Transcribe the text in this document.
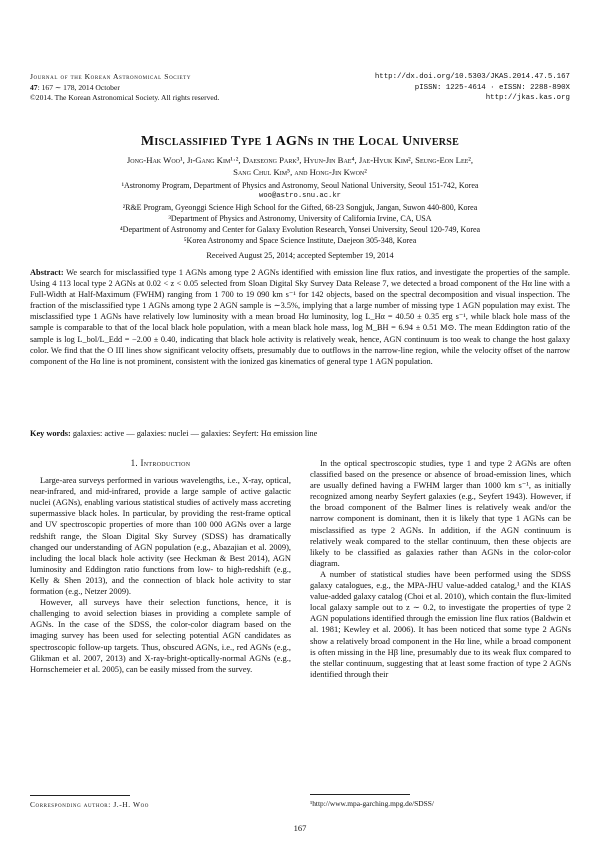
Journal of the Korean Astronomical Society
47: 167 ∼ 178, 2014 October
©2014. The Korean Astronomical Society. All rights reserved.
http://dx.doi.org/10.5303/JKAS.2014.47.5.167
pISSN: 1225-4614 · eISSN: 2288-890X
http://jkas.kas.org
Misclassified Type 1 AGNs in the Local Universe
Jong-Hak Woo¹, Ji-Gang Kim¹·², Daeseong Park³, Hyun-Jin Bae⁴, Jae-Hyuk Kim², Seung-Eon Lee²,
Sang Chul Kim⁵, and Hong-Jin Kwon²
¹Astronomy Program, Department of Physics and Astronomy, Seoul National University, Seoul 151-742, Korea
woo@astro.snu.ac.kr
²R&E Program, Gyeonggi Science High School for the Gifted, 68-23 Songjuk, Jangan, Suwon 440-800, Korea
³Department of Physics and Astronomy, University of California Irvine, CA, USA
⁴Department of Astronomy and Center for Galaxy Evolution Research, Yonsei University, Seoul 120-749, Korea
⁵Korea Astronomy and Space Science Institute, Daejeon 305-348, Korea
Received August 25, 2014; accepted September 19, 2014
Abstract: We search for misclassified type 1 AGNs among type 2 AGNs identified with emission line flux ratios, and investigate the properties of the sample. Using 4 113 local type 2 AGNs at 0.02 < z < 0.05 selected from Sloan Digital Sky Survey Data Release 7, we detected a broad component of the Hα line with a Full-Width at Half-Maximum (FWHM) ranging from 1 700 to 19 090 km s⁻¹ for 142 objects, based on the spectral decomposition and visual inspection. The fraction of the misclassified type 1 AGNs among type 2 AGN sample is ∼3.5%, implying that a large number of missing type 1 AGN population may exist. The misclassified type 1 AGNs have relatively low luminosity with a mean broad Hα luminosity, log L_Hα = 40.50 ± 0.35 erg s⁻¹, while black hole mass of the sample is comparable to that of the local black hole population, with a mean black hole mass, log M_BH = 6.94 ± 0.51 M⊙. The mean Eddington ratio of the sample is log L_bol/L_Edd = −2.00 ± 0.40, indicating that black hole activity is relatively weak, hence, AGN continuum is too weak to change the host galaxy color. We find that the O III lines show significant velocity offsets, presumably due to outflows in the narrow-line region, while the velocity offset of the narrow component of the Hα line is not prominent, consistent with the ionized gas kinematics of general type 1 AGN population.
Key words: galaxies: active — galaxies: nuclei — galaxies: Seyfert: Hα emission line
1. Introduction

Large-area surveys performed in various wavelengths, i.e., X-ray, optical, near-infrared, and mid-infrared, provide a large sample of active galactic nuclei (AGNs), enabling various statistical studies of actively mass accreting supermassive black holes. In particular, by providing the rest-frame optical and UV spectroscopic properties of more than 100 000 AGNs over a large redshift range, the Sloan Digital Sky Survey (SDSS) has dramatically changed our understanding of AGN population (e.g., Abazajian et al. 2009), including the local black hole activity (see Heckman & Best 2014), AGN luminosity and Eddington ratio functions from low- to high-redshift (e.g., Kelly & Shen 2013), and the connection of black hole activity to star formation (e.g., Netzer 2009).

However, all surveys have their selection functions, hence, it is challenging to avoid selection biases in providing a complete sample of AGNs. In the case of the SDSS, the color-color diagram based on the imaging survey has been used for selecting potential AGN candidates as spectroscopic follow-up targets. Thus, obscured AGNs, i.e., red AGNs (e.g., Glikman et al. 2007, 2013) and X-ray-bright-optically-normal AGNs (e.g., Hornschemeier et al. 2005), can be easily missed from the survey.

In the optical spectroscopic studies, type 1 and type 2 AGNs are often classified based on the presence or absence of broad-emission lines, which are usually defined having a FWHM larger than 1000 km s⁻¹, as initially recognized among nearby Seyfert galaxies (e.g., Seyfert 1943). However, if the broad component of the Balmer lines is relatively weak and/or the narrow component is dominant, then it is likely that type 1 AGNs can be misclassified as type 2 AGNs. In addition, if the AGN continuum is relatively weak compared to the stellar continuum, then these objects are likely to be classified as galaxies rather than AGNs in the color-color diagram.

A number of statistical studies have been performed using the SDSS galaxy catalogues, e.g., the MPA-JHU value-added catalog,¹ and the KIAS value-added galaxy catalog (Choi et al. 2010), which contain the flux-limited local galaxy sample out to z ∼ 0.2, to investigate the properties of type 2 AGN populations identified through the emission line flux ratios (Baldwin et al. 1981; Kewley et al. 2006). It has been noticed that some type 2 AGNs show a relatively broad component in the Hα line, while a broad component is often missing in the Hβ line, presumably due to its weak flux compared to the stellar continuum, suggesting that at least some fraction of type 2 AGNs identified through their

Corresponding author: J.-H. Woo	¹http://www.mpa-garching.mpg.de/SDSS/
167
